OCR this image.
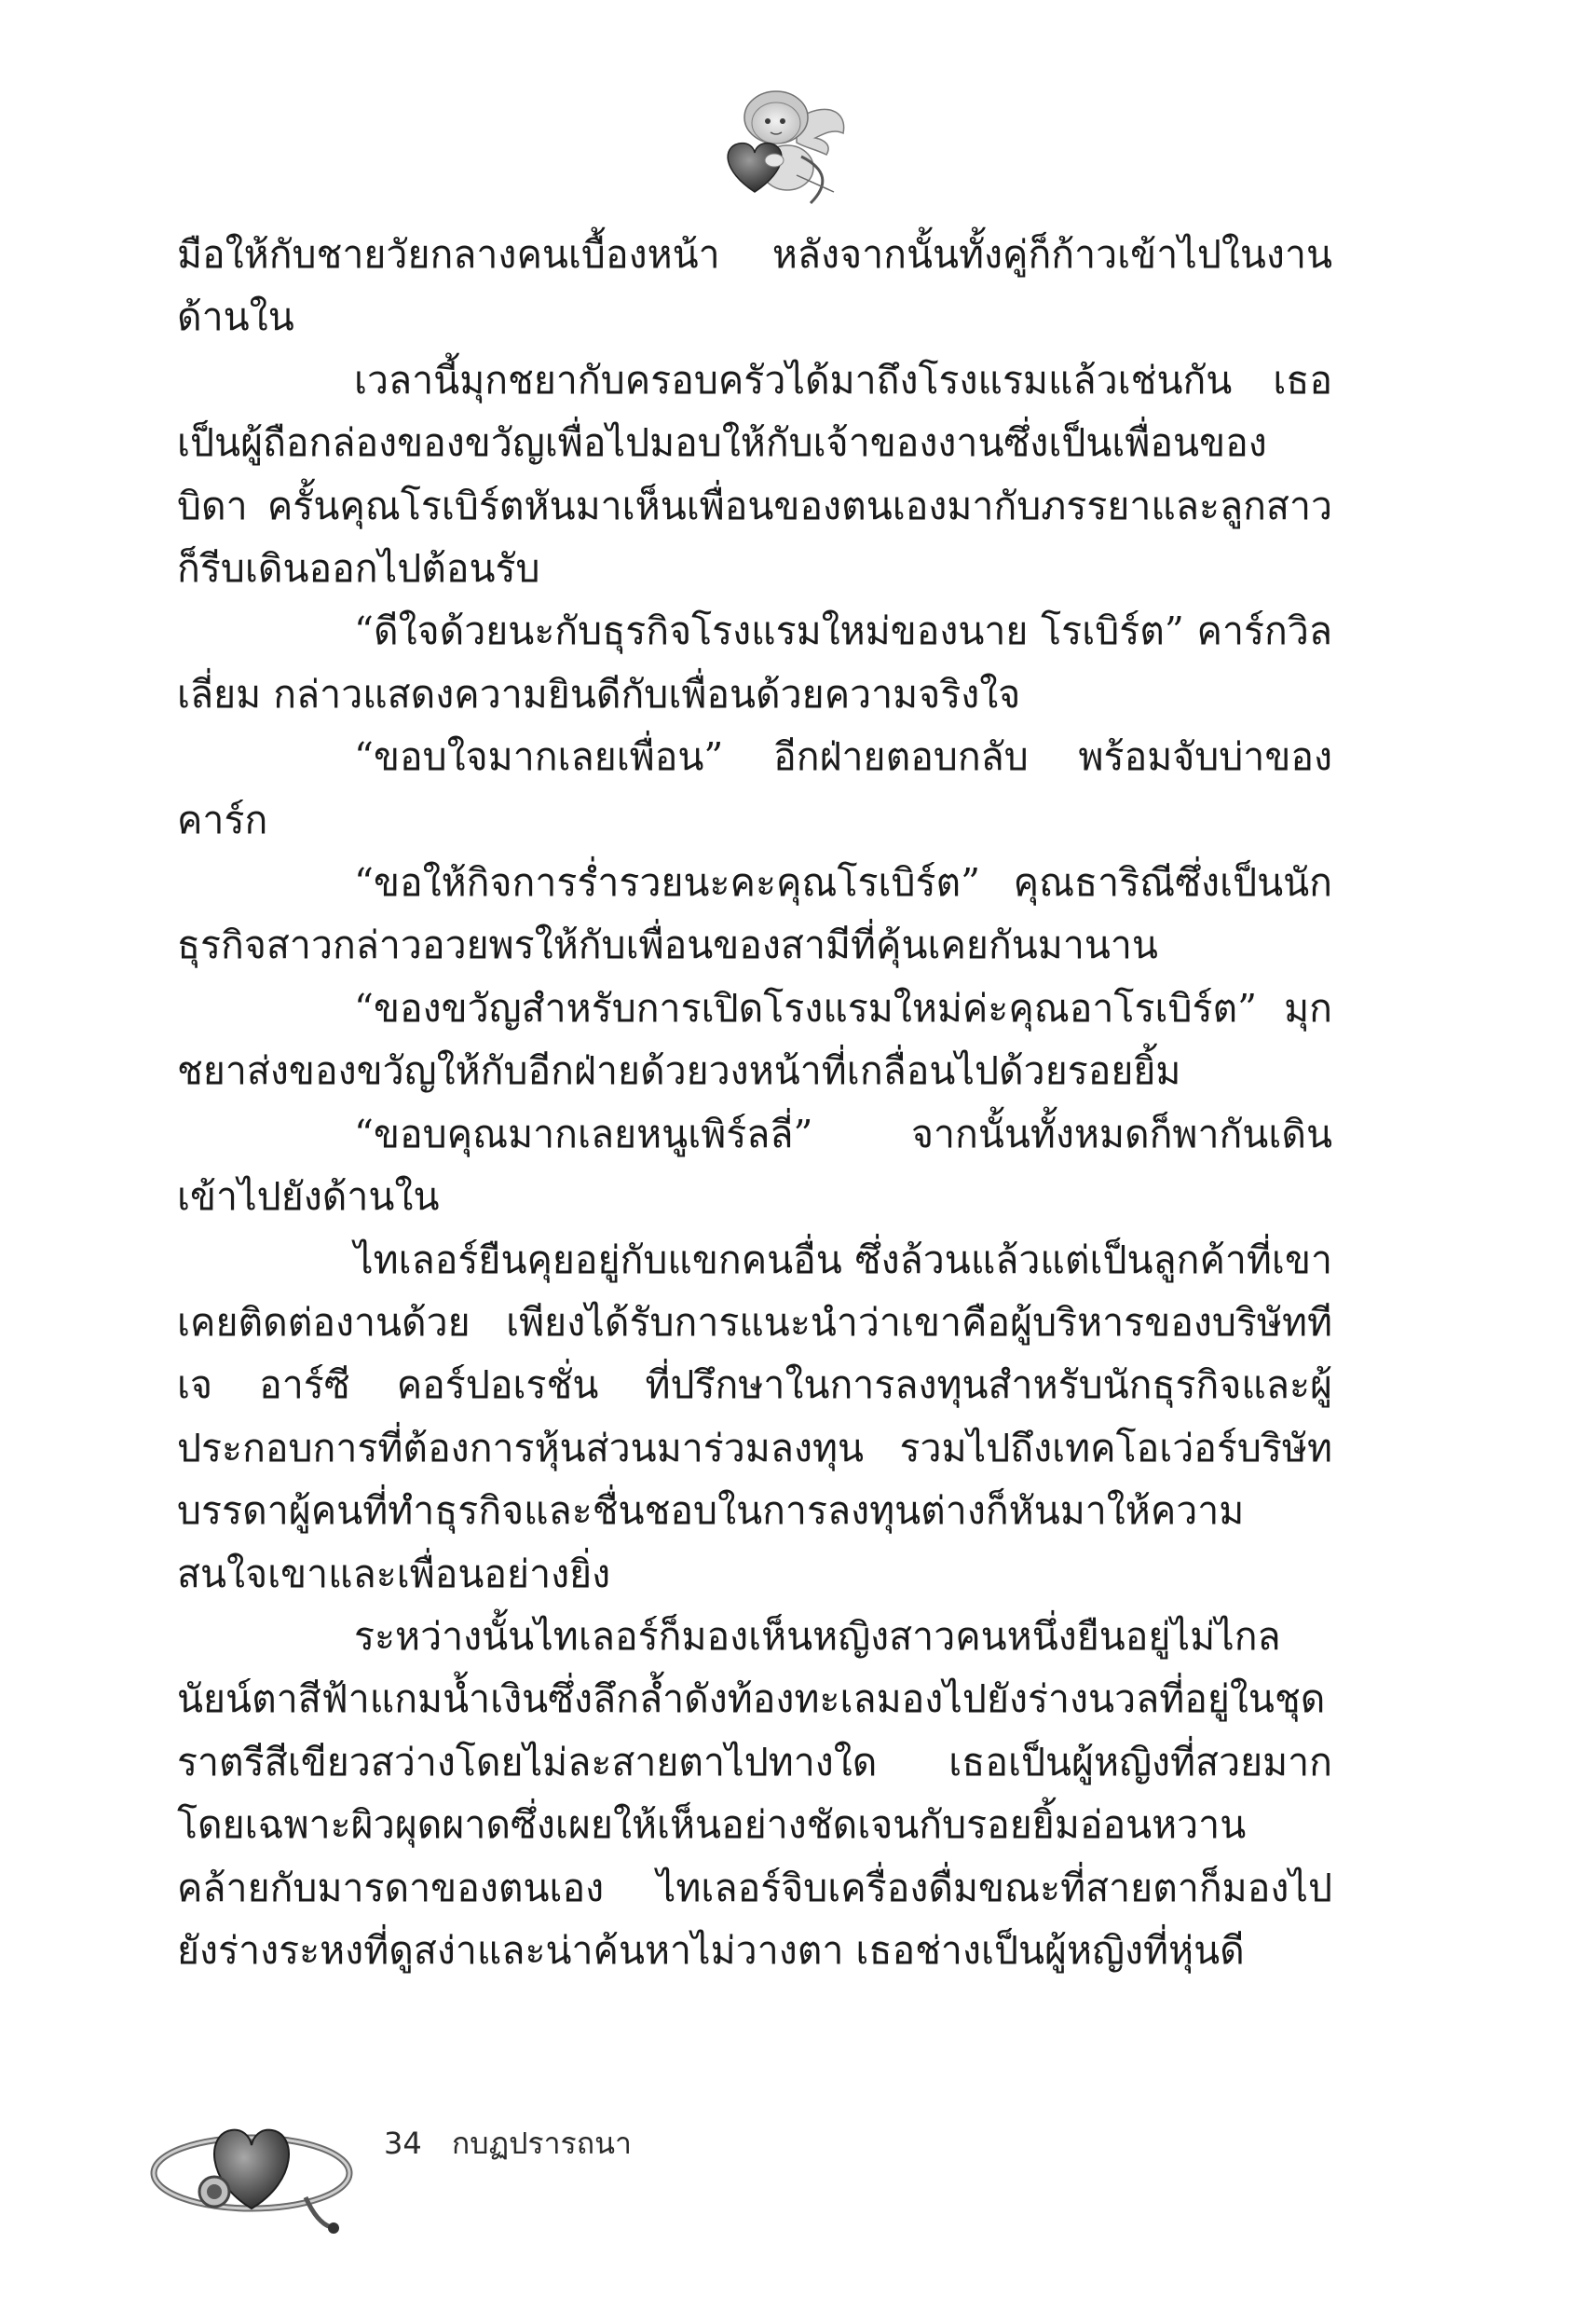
มือให้กับชายวัยกลางคนเบื้องหน้า หลังจากนั้นทั้งคู่ก็ก้าวเข้าไปในงานด้านใน

เวลานี้มุกชยากับครอบครัวได้มาถึงโรงแรมแล้วเช่นกัน เธอเป็นผู้ถือกล่องของขวัญเพื่อไปมอบให้กับเจ้าของงานซึ่งเป็นเพื่อนของบิดา ครั้นคุณโรเบิร์ตหันมาเห็นเพื่อนของตนเองมากับภรรยาและลูกสาวก็รีบเดินออกไปต้อนรับ

“ดีใจด้วยนะกับธุรกิจโรงแรมใหม่ของนาย โรเบิร์ต” คาร์กวิลเลี่ยม กล่าวแสดงความยินดีกับเพื่อนด้วยความจริงใจ

“ขอบใจมากเลยเพื่อน” อีกฝ่ายตอบกลับ พร้อมจับบ่าของคาร์ก

“ขอให้กิจการร่ำรวยนะคะคุณโรเบิร์ต” คุณธาริณีซึ่งเป็นนักธุรกิจสาวกล่าวอวยพรให้กับเพื่อนของสามีที่คุ้นเคยกันมานาน

“ของขวัญสำหรับการเปิดโรงแรมใหม่ค่ะคุณอาโรเบิร์ต” มุกชยาส่งของขวัญให้กับอีกฝ่ายด้วยวงหน้าที่เกลื่อนไปด้วยรอยยิ้ม

“ขอบคุณมากเลยหนูเพิร์ลลี่” จากนั้นทั้งหมดก็พากันเดินเข้าไปยังด้านใน

ไทเลอร์ยืนคุยอยู่กับแขกคนอื่น ซึ่งล้วนแล้วแต่เป็นลูกค้าที่เขาเคยติดต่องานด้วย เพียงได้รับการแนะนำว่าเขาคือผู้บริหารของบริษัททีเจ อาร์ซี คอร์ปอเรชั่น ที่ปรึกษาในการลงทุนสำหรับนักธุรกิจและผู้ประกอบการที่ต้องการหุ้นส่วนมาร่วมลงทุน รวมไปถึงเทคโอเว่อร์บริษัท บรรดาผู้คนที่ทำธุรกิจและชื่นชอบในการลงทุนต่างก็หันมาให้ความสนใจเขาและเพื่อนอย่างยิ่ง

ระหว่างนั้นไทเลอร์ก็มองเห็นหญิงสาวคนหนึ่งยืนอยู่ไม่ไกลนัยน์ตาสีฟ้าแกมน้ำเงินซึ่งลึกล้ำดังท้องทะเลมองไปยังร่างนวลที่อยู่ในชุดราตรีสีเขียวสว่างโดยไม่ละสายตาไปทางใด เธอเป็นผู้หญิงที่สวยมากโดยเฉพาะผิวผุดผาดซึ่งเผยให้เห็นอย่างชัดเจนกับรอยยิ้มอ่อนหวานคล้ายกับมารดาของตนเอง ไทเลอร์จิบเครื่องดื่มขณะที่สายตาก็มองไปยังร่างระหงที่ดูสง่าและน่าค้นหาไม่วางตา เธอช่างเป็นผู้หญิงที่หุ่นดี

34 กบฏปรารถนา
